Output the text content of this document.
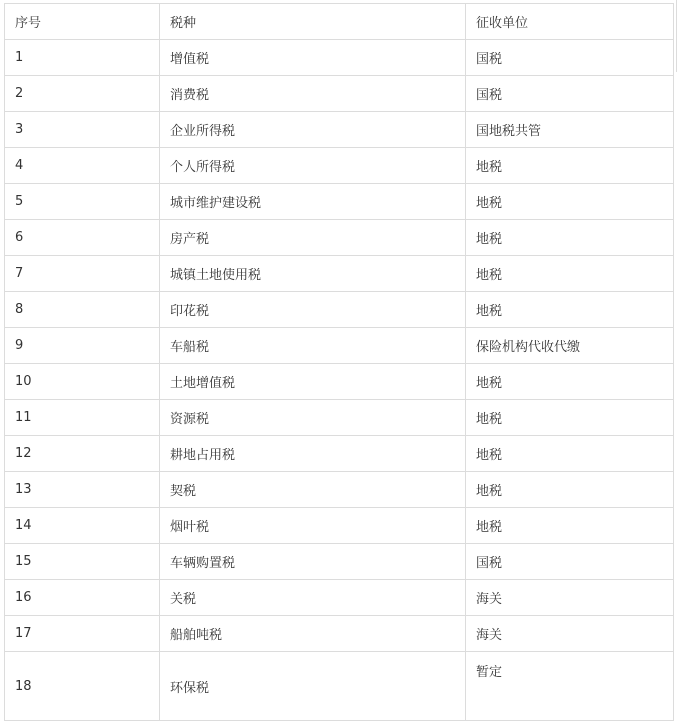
序号	税种	征收单位
1	增值税	国税
2	消费税	国税
3	企业所得税	国地税共管
4	个人所得税	地税
5	城市维护建设税	地税
6	房产税	地税
7	城镇土地使用税	地税
8	印花税	地税
9	车船税	保险机构代收代缴
10	土地增值税	地税
11	资源税	地税
12	耕地占用税	地税
13	契税	地税
14	烟叶税	地税
15	车辆购置税	国税
16	关税	海关
17	船舶吨税	海关
18	环保税	暂定
